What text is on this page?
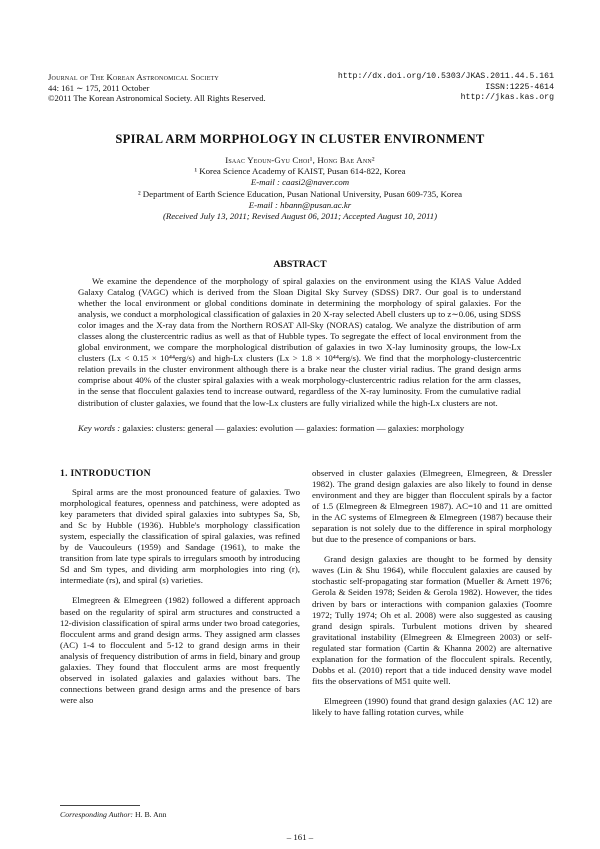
Journal of The Korean Astronomical Society
44: 161 ∼ 175, 2011 October
©2011 The Korean Astronomical Society. All Rights Reserved.
http://dx.doi.org/10.5303/JKAS.2011.44.5.161
ISSN:1225-4614
http://jkas.kas.org
SPIRAL ARM MORPHOLOGY IN CLUSTER ENVIRONMENT
Isaac Yeoun-Gyu Choi¹, Hong Bae Ann²
¹ Korea Science Academy of KAIST, Pusan 614-822, Korea
E-mail : caasi2@naver.com
² Department of Earth Science Education, Pusan National University, Pusan 609-735, Korea
E-mail : hbann@pusan.ac.kr
(Received July 13, 2011; Revised August 06, 2011; Accepted August 10, 2011)
ABSTRACT

We examine the dependence of the morphology of spiral galaxies on the environment using the KIAS Value Added Galaxy Catalog (VAGC) which is derived from the Sloan Digital Sky Survey (SDSS) DR7. Our goal is to understand whether the local environment or global conditions dominate in determining the morphology of spiral galaxies. For the analysis, we conduct a morphological classification of galaxies in 20 X-ray selected Abell clusters up to z∼0.06, using SDSS color images and the X-ray data from the Northern ROSAT All-Sky (NORAS) catalog. We analyze the distribution of arm classes along the clustercentric radius as well as that of Hubble types. To segregate the effect of local environment from the global environment, we compare the morphological distribution of galaxies in two X-lay luminosity groups, the low-Lx clusters (Lx < 0.15 × 10⁴⁴erg/s) and high-Lx clusters (Lx > 1.8 × 10⁴⁴erg/s). We find that the morphology-clustercentric relation prevails in the cluster environment although there is a brake near the cluster virial radius. The grand design arms comprise about 40% of the cluster spiral galaxies with a weak morphology-clustercentric radius relation for the arm classes, in the sense that flocculent galaxies tend to increase outward, regardless of the X-ray luminosity. From the cumulative radial distribution of cluster galaxies, we found that the low-Lx clusters are fully virialized while the high-Lx clusters are not.

Key words : galaxies: clusters: general — galaxies: evolution — galaxies: formation — galaxies: morphology

1. INTRODUCTION

Spiral arms are the most pronounced feature of galaxies. Two morphological features, openness and patchiness, were adopted as key parameters that divided spiral galaxies into subtypes Sa, Sb, and Sc by Hubble (1936). Hubble's morphology classification system, especially the classification of spiral galaxies, was refined by de Vaucouleurs (1959) and Sandage (1961), to make the transition from late type spirals to irregulars smooth by introducing Sd and Sm types, and dividing arm morphologies into ring (r), intermediate (rs), and spiral (s) varieties.

Elmegreen & Elmegreen (1982) followed a different approach based on the regularity of spiral arm structures and constructed a 12-division classification of spiral arms under two broad categories, flocculent arms and grand design arms. They assigned arm classes (AC) 1-4 to flocculent and 5-12 to grand design arms in their analysis of frequency distribution of arms in field, binary and group galaxies. They found that flocculent arms are most frequently observed in isolated galaxies and galaxies without bars. The connections between grand design arms and the presence of bars were also

observed in cluster galaxies (Elmegreen, Elmegreen, & Dressler 1982). The grand design galaxies are also likely to found in dense environment and they are bigger than flocculent spirals by a factor of 1.5 (Elmegreen & Elmegreen 1987). AC=10 and 11 are omitted in the AC systems of Elmegreen & Elmegreen (1987) because their separation is not solely due to the difference in spiral morphology but due to the presence of companions or bars.

Grand design galaxies are thought to be formed by density waves (Lin & Shu 1964), while flocculent galaxies are caused by stochastic self-propagating star formation (Mueller & Arnett 1976; Gerola & Seiden 1978; Seiden & Gerola 1982). However, the tides driven by bars or interactions with companion galaxies (Toomre 1972; Tully 1974; Oh et al. 2008) were also suggested as causing grand design spirals. Turbulent motions driven by sheared gravitational instability (Elmegreen & Elmegreen 2003) or self-regulated star formation (Cartin & Khanna 2002) are alternative explanation for the formation of the flocculent spirals. Recently, Dobbs et al. (2010) report that a tide induced density wave model fits the observations of M51 quite well.

Elmegreen (1990) found that grand design galaxies (AC 12) are likely to have falling rotation curves, while

Corresponding Author: H. B. Ann
– 161 –
